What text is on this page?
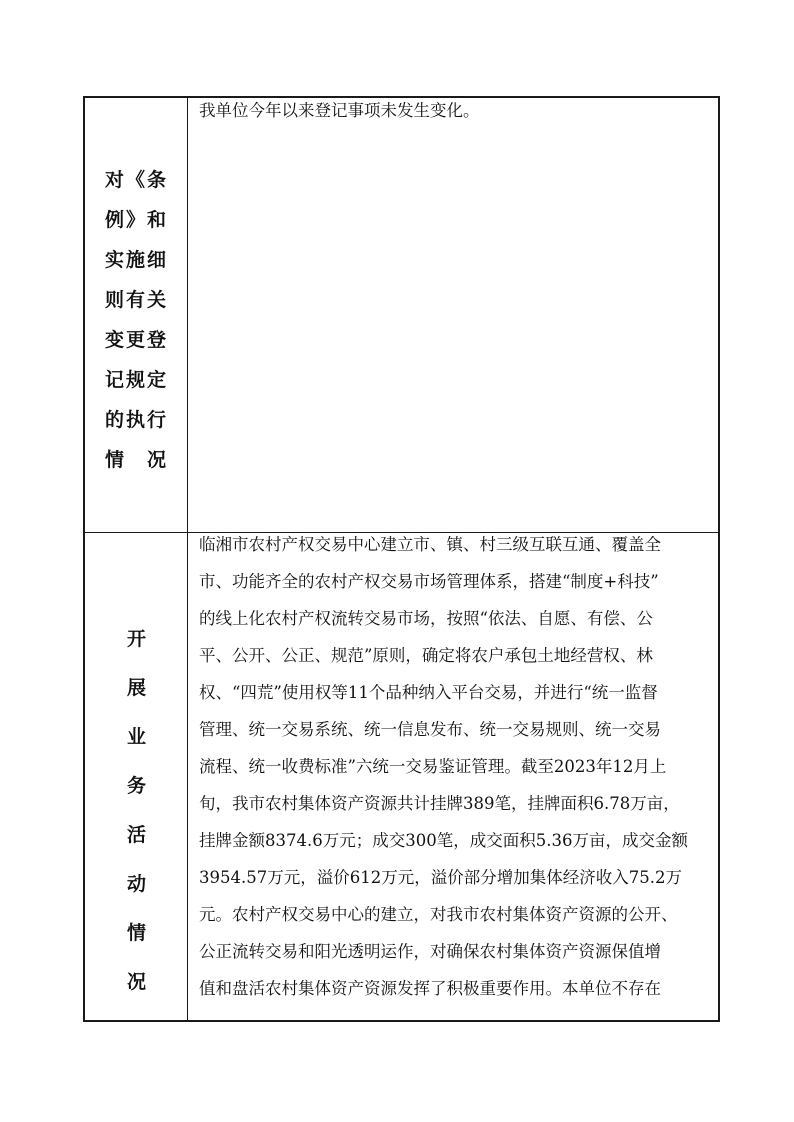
对《条
例》和
实施细
则有关
变更登
记规定
的执行
情　况
我单位今年以来登记事项未发生变化。
开
展
业
务
活
动
情
况
临湘市农村产权交易中心建立市、镇、村三级互联互通、覆盖全
市、功能齐全的农村产权交易市场管理体系，搭建“制度+科技”
的线上化农村产权流转交易市场，按照“依法、自愿、有偿、公
平、公开、公正、规范”原则，确定将农户承包土地经营权、林
权、“四荒”使用权等11个品种纳入平台交易，并进行“统一监督
管理、统一交易系统、统一信息发布、统一交易规则、统一交易
流程、统一收费标准”六统一交易鉴证管理。截至2023年12月上
旬，我市农村集体资产资源共计挂牌389笔，挂牌面积6.78万亩，
挂牌金额8374.6万元；成交300笔，成交面积5.36万亩，成交金额
3954.57万元，溢价612万元，溢价部分增加集体经济收入75.2万
元。农村产权交易中心的建立，对我市农村集体资产资源的公开、
公正流转交易和阳光透明运作，对确保农村集体资产资源保值增
值和盘活农村集体资产资源发挥了积极重要作用。本单位不存在
